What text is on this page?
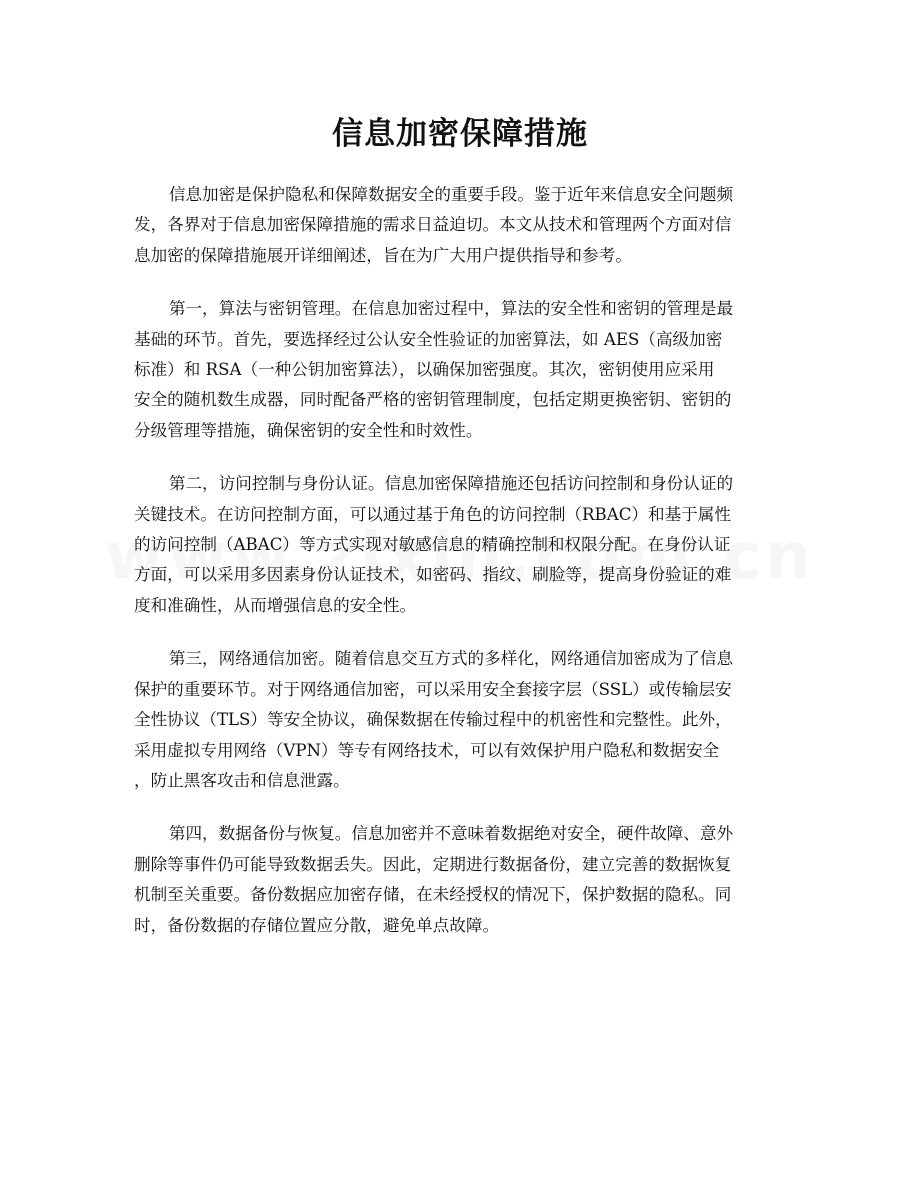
信息加密保障措施

信息加密是保护隐私和保障数据安全的重要手段。鉴于近年来信息安全问题频
发，各界对于信息加密保障措施的需求日益迫切。本文从技术和管理两个方面对信
息加密的保障措施展开详细阐述，旨在为广大用户提供指导和参考。

第一，算法与密钥管理。在信息加密过程中，算法的安全性和密钥的管理是最
基础的环节。首先，要选择经过公认安全性验证的加密算法，如 AES（高级加密
标准）和 RSA（一种公钥加密算法），以确保加密强度。其次，密钥使用应采用
安全的随机数生成器，同时配备严格的密钥管理制度，包括定期更换密钥、密钥的
分级管理等措施，确保密钥的安全性和时效性。

第二，访问控制与身份认证。信息加密保障措施还包括访问控制和身份认证的
关键技术。在访问控制方面，可以通过基于角色的访问控制（RBAC）和基于属性
的访问控制（ABAC）等方式实现对敏感信息的精确控制和权限分配。在身份认证
方面，可以采用多因素身份认证技术，如密码、指纹、刷脸等，提高身份验证的难
度和准确性，从而增强信息的安全性。

第三，网络通信加密。随着信息交互方式的多样化，网络通信加密成为了信息
保护的重要环节。对于网络通信加密，可以采用安全套接字层（SSL）或传输层安
全性协议（TLS）等安全协议，确保数据在传输过程中的机密性和完整性。此外，
采用虚拟专用网络（VPN）等专有网络技术，可以有效保护用户隐私和数据安全
，防止黑客攻击和信息泄露。

第四，数据备份与恢复。信息加密并不意味着数据绝对安全，硬件故障、意外
删除等事件仍可能导致数据丢失。因此，定期进行数据备份，建立完善的数据恢复
机制至关重要。备份数据应加密存储，在未经授权的情况下，保护数据的隐私。同
时，备份数据的存储位置应分散，避免单点故障。
